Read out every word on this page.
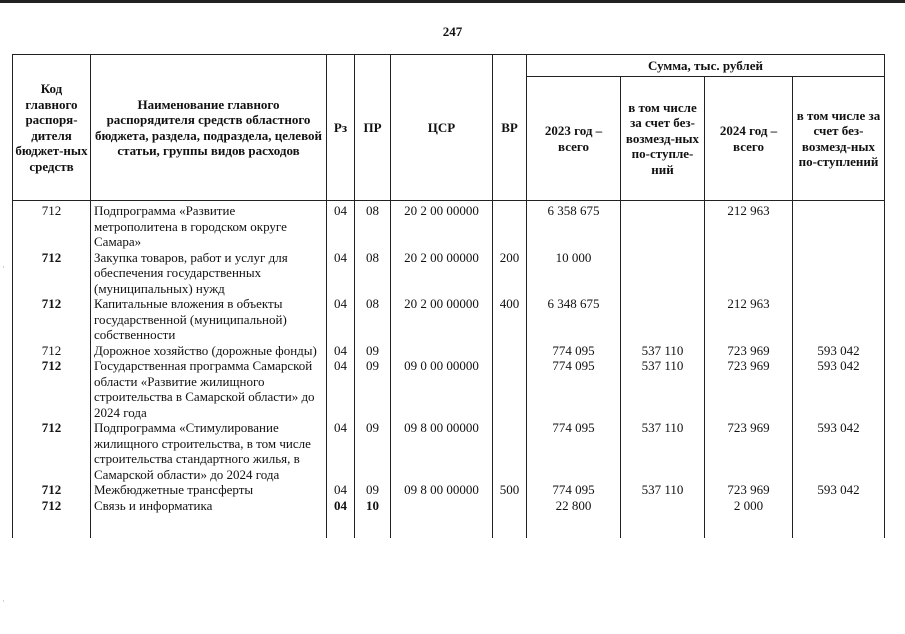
247
Код главного распоря-дителя бюджет-ных средств	Наименование главного распорядителя средств областного бюджета, раздела, подраздела, целевой статьи, группы видов расходов	Рз	ПР	ЦСР	ВР	Сумма, тыс. рублей			
						2023 год – всего	в том числе за счет без-возмезд-ных по-ступле-ний	2024 год – всего	в том числе за счет без-возмезд-ных по-ступлений
712	Подпрограмма «Развитие метрополитена в городском округе Самара»	04	08	20 2 00 00000		6 358 675		212 963	
712	Закупка товаров, работ и услуг для обеспечения государственных (муниципальных) нужд	04	08	20 2 00 00000	200	10 000			
712	Капитальные вложения в объекты государственной (муниципальной) собственности	04	08	20 2 00 00000	400	6 348 675		212 963	
712	Дорожное хозяйство (дорожные фонды)	04	09			774 095	537 110	723 969	593 042
712	Государственная программа Самарской области «Развитие жилищного строительства в Самарской области» до 2024 года	04	09	09 0 00 00000		774 095	537 110	723 969	593 042
712	Подпрограмма «Стимулирование жилищного строительства, в том числе строительства стандартного жилья, в Самарской области» до 2024 года	04	09	09 8 00 00000		774 095	537 110	723 969	593 042
712	Межбюджетные трансферты	04	09	09 8 00 00000	500	774 095	537 110	723 969	593 042
712	Связь и информатика	04	10			22 800		2 000	
·
·
